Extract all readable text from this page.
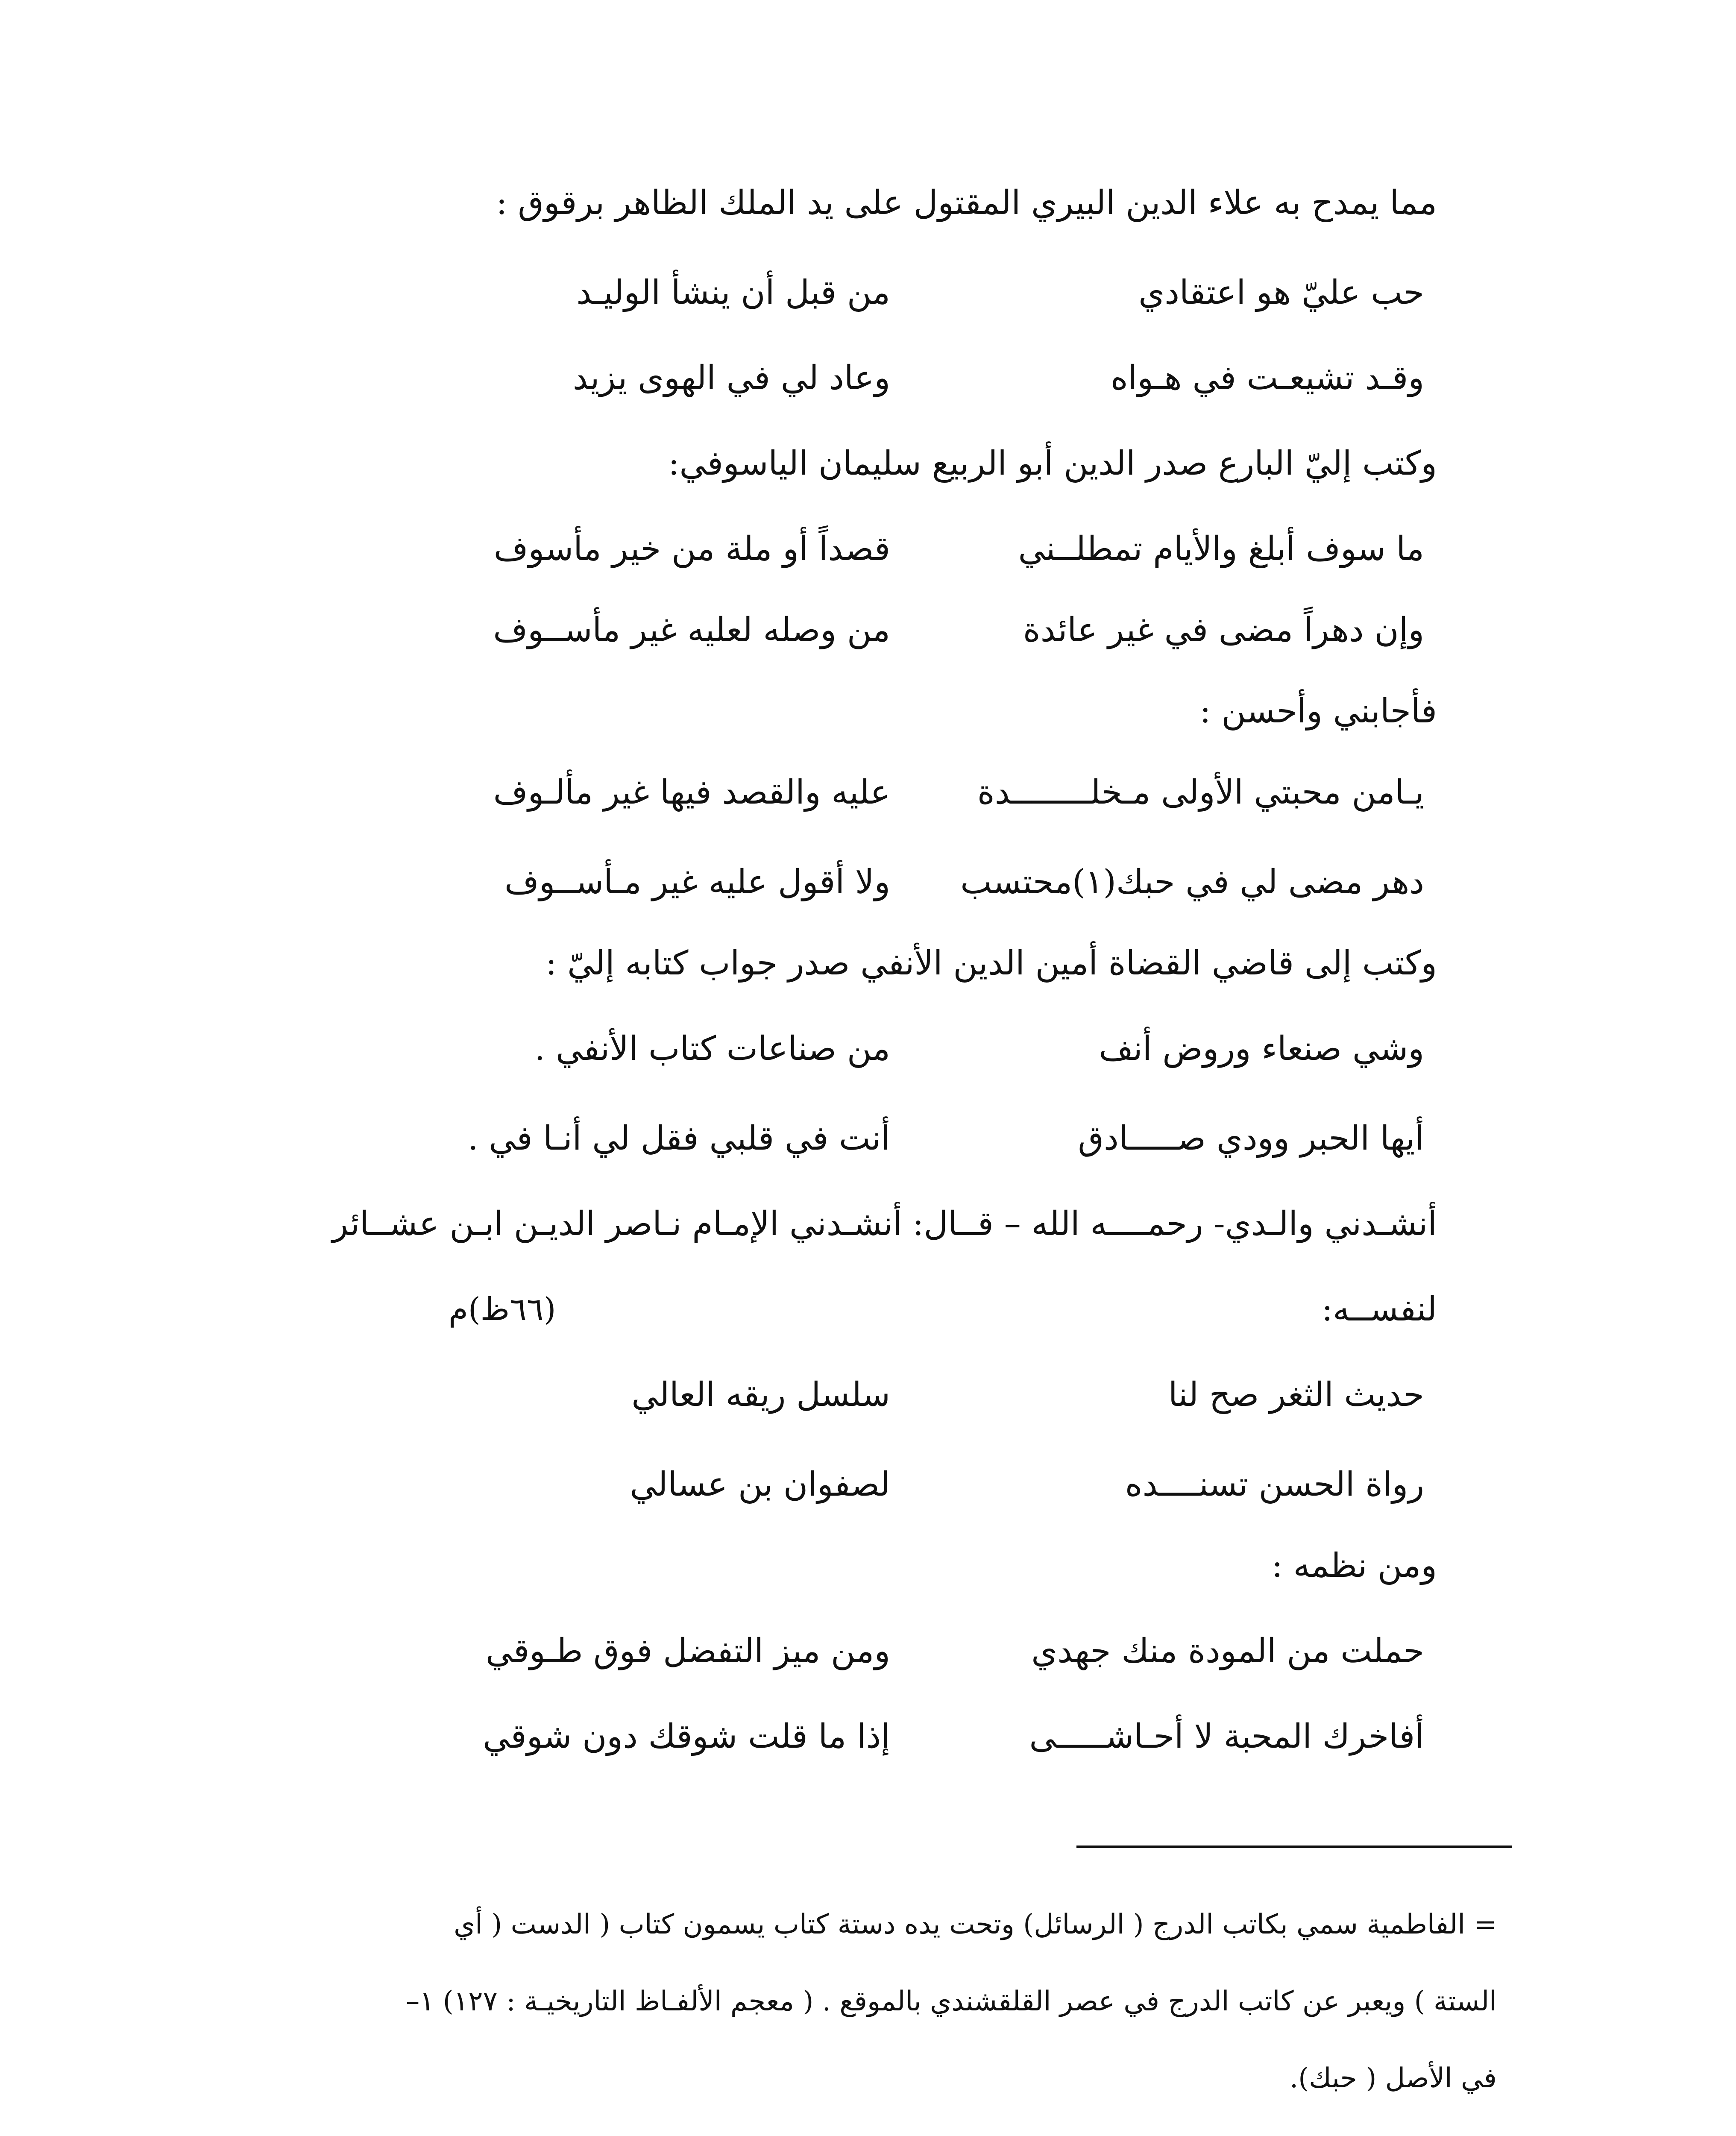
مما يمدح به علاء الدين البيري المقتول على يد الملك الظاهر برقوق :
حب عليّ هو اعتقادي
من قبل أن ينشأ الوليـد
وقـد تشيعـت في هـواه
وعاد لي في الهوى يزيد
وكتب إليّ البارع صدر الدين أبو الربيع سليمان الياسوفي:
ما سوف أبلغ والأيام تمطلــني
قصداً أو ملة من خير مأسوف
وإن دهراً مضى في غير عائدة
من وصله لعليه غير مأســوف
فأجابني وأحسن :
يـامن محبتي الأولى مـخلــــــــدة
عليه والقصد فيها غير مألـوف
دهر مضى لي في حبك(١)محتسب
ولا أقول عليه غير مـأســوف
وكتب إلى قاضي القضاة أمين الدين الأنفي صدر جواب كتابه إليّ :
وشي صنعاء وروض أنف
من صناعات كتاب الأنفي .
أيها الحبر وودي صـــــادق
أنت في قلبي فقل لي أنـا في .
أنشـدني والـدي- رحمــــه الله – قــال: أنشـدني الإمـام نـاصر الديـن ابـن عشــائر
لنفســه:
(٦٦ظ)م
حديث الثغر صح لنا
سلسل ريقه العالي
رواة الحسن تسنــــده
لصفوان بن عسالي
ومن نظمه :
حملت من المودة منك جهدي
ومن ميز التفضل فوق طـوقي
أفاخرك المحبة لا أحـاشـــــى
إذا ما قلت شوقك دون شوقي
= الفاطمية سمي بكاتب الدرج ( الرسائل) وتحت يده دستة كتاب يسمون كتاب ( الدست ( أي
الستة ) ويعبر عن كاتب الدرج في عصر القلقشندي بالموقع . ( معجم الألفـاظ التاريخيـة : ١٢٧) ١–
في الأصل ( حبك).
